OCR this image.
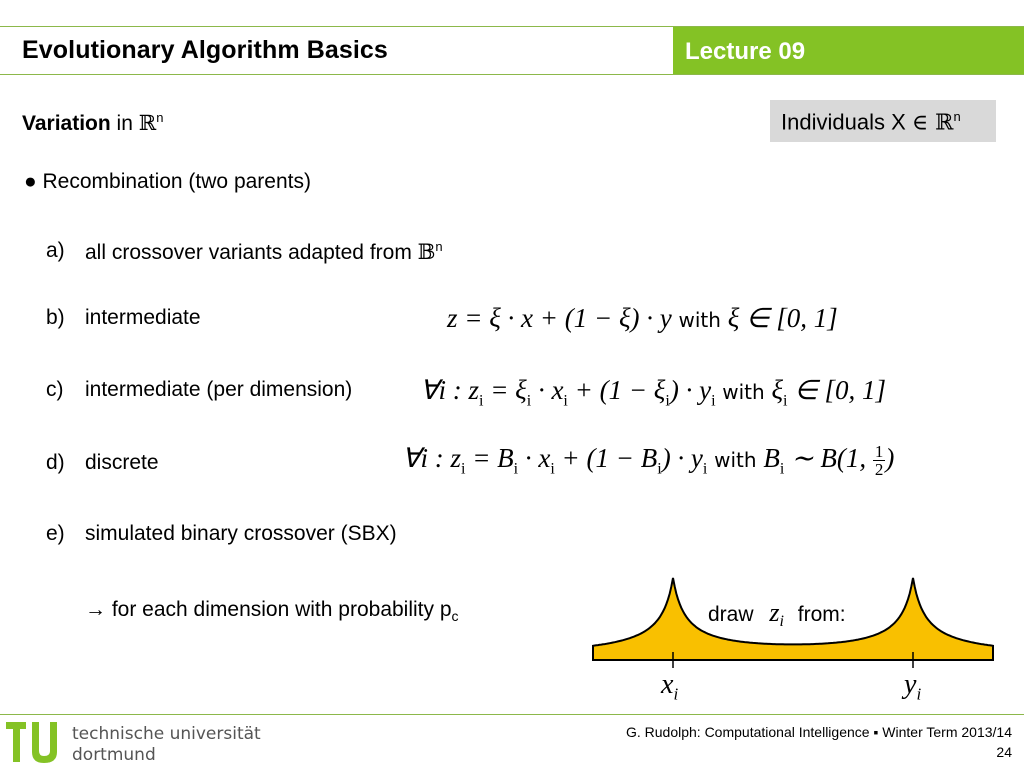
Evolutionary Algorithm Basics	Lecture 09
Variation in ℝ$^n$	Individuals X ∈ ℝ$^n$
● Recombination (two parents)
a) all crossover variants adapted from 𝔹$^n$
b) intermediate
c) intermediate (per dimension)
d) discrete
e) simulated binary crossover (SBX)
z = ξ · x + (1 − ξ) · y with ξ ∈ [0, 1]
∀i : $z_i = \xi_i \cdot x_i + (1 - \xi_i) \cdot y_i$ with $\xi_i$ ∈ [0, 1]
∀i : $z_i = B_i \cdot x_i + (1 - B_i) \cdot y_i$ with $B_i$ ∼ B(1, $\frac{1}{2}$ )
→ for each dimension with probability $p_c$	draw $z_i$ from:
$x_i$	$y_i$
technische universität
dortmund
G. Rudolph: Computational Intelligence ▪ Winter Term 2013/14
24
